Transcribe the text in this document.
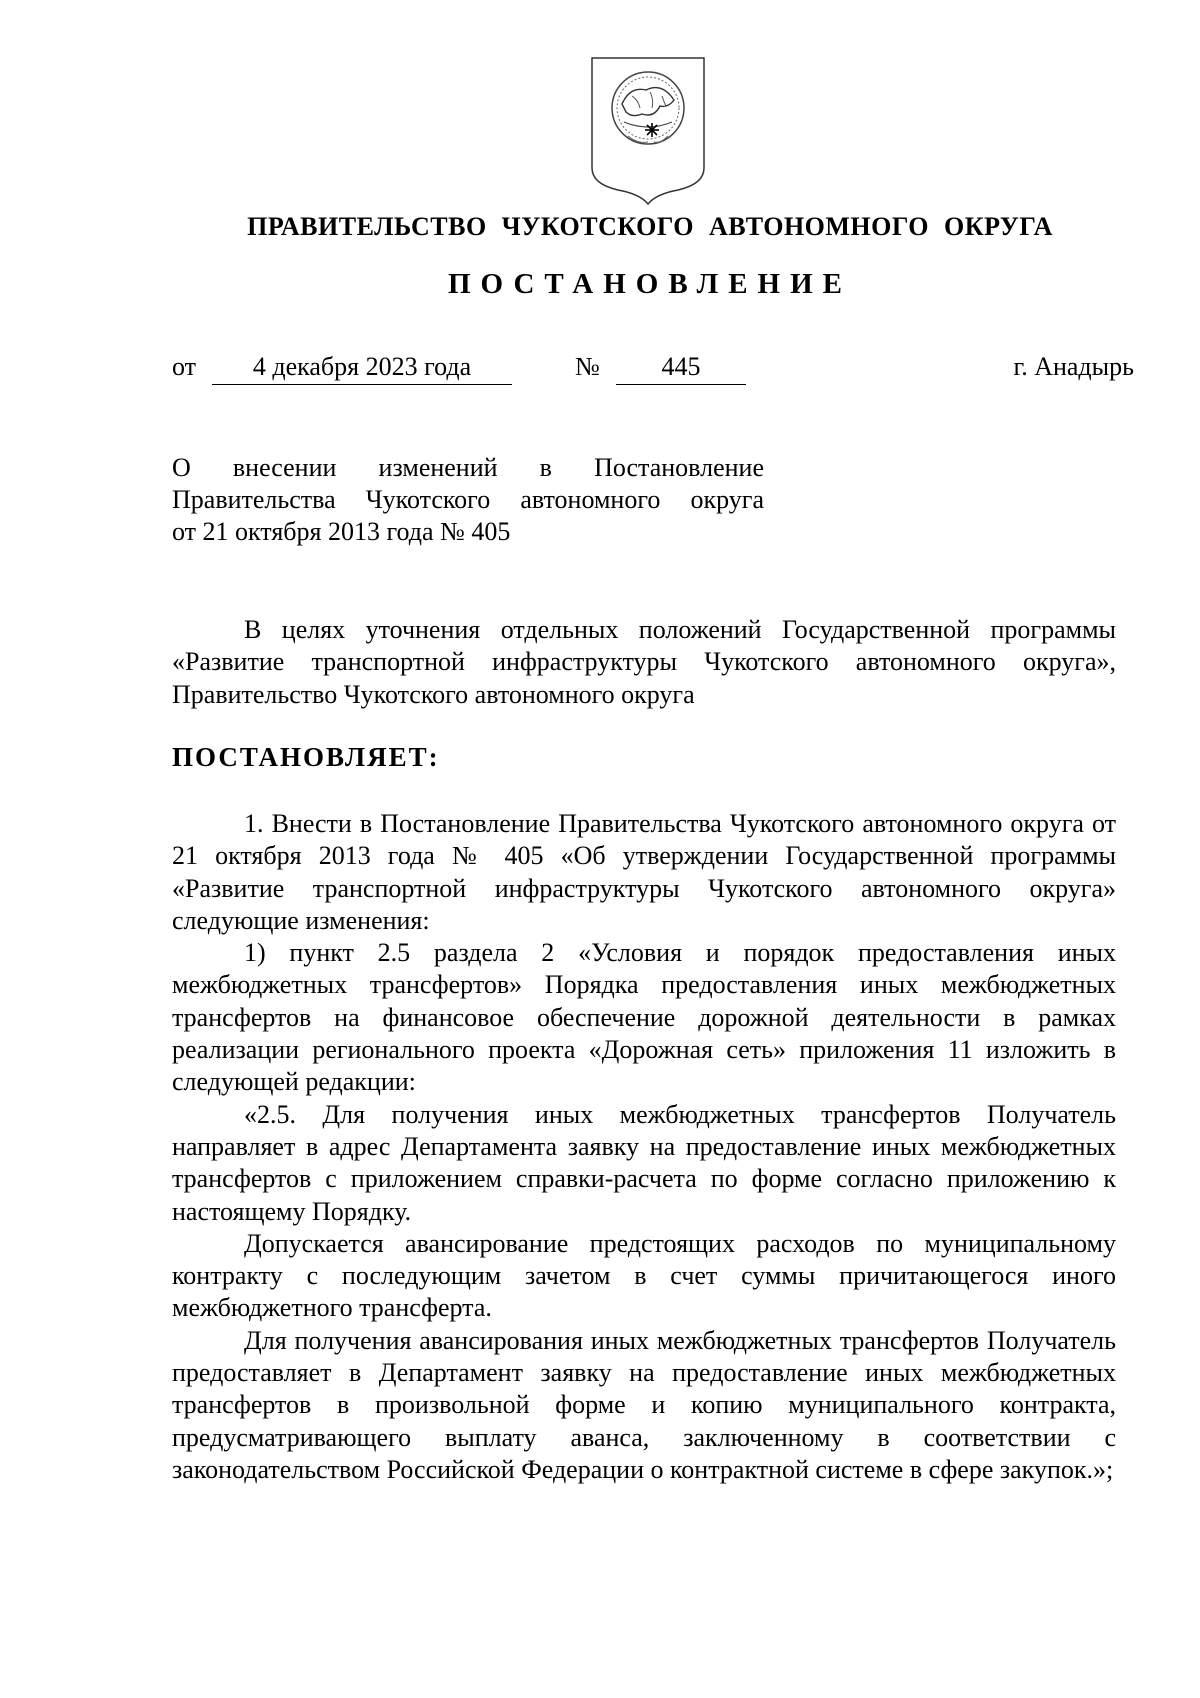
ПРАВИТЕЛЬСТВО ЧУКОТСКОГО АВТОНОМНОГО ОКРУГА
ПОСТАНОВЛЕНИЕ
от	4 декабря 2023 года	№	445	г. Анадырь
О внесении изменений в Постановление
Правительства Чукотского автономного округа
от 21 октября 2013 года № 405

В целях уточнения отдельных положений Государственной программы «Развитие транспортной инфраструктуры Чукотского автономного округа», Правительство Чукотского автономного округа

ПОСТАНОВЛЯЕТ:

1. Внести в Постановление Правительства Чукотского автономного округа от 21 октября 2013 года № 405 «Об утверждении Государственной программы «Развитие транспортной инфраструктуры Чукотского автономного округа» следующие изменения:

1) пункт 2.5 раздела 2 «Условия и порядок предоставления иных межбюджетных трансфертов» Порядка предоставления иных межбюджетных трансфертов на финансовое обеспечение дорожной деятельности в рамках реализации регионального проекта «Дорожная сеть» приложения 11 изложить в следующей редакции:

«2.5. Для получения иных межбюджетных трансфертов Получатель направляет в адрес Департамента заявку на предоставление иных межбюджетных трансфертов с приложением справки-расчета по форме согласно приложению к настоящему Порядку.

Допускается авансирование предстоящих расходов по муниципальному контракту с последующим зачетом в счет суммы причитающегося иного межбюджетного трансферта.

Для получения авансирования иных межбюджетных трансфертов Получатель предоставляет в Департамент заявку на предоставление иных межбюджетных трансфертов в произвольной форме и копию муниципального контракта, предусматривающего выплату аванса, заключенному в соответствии с законодательством Российской Федерации о контрактной системе в сфере закупок.»;
